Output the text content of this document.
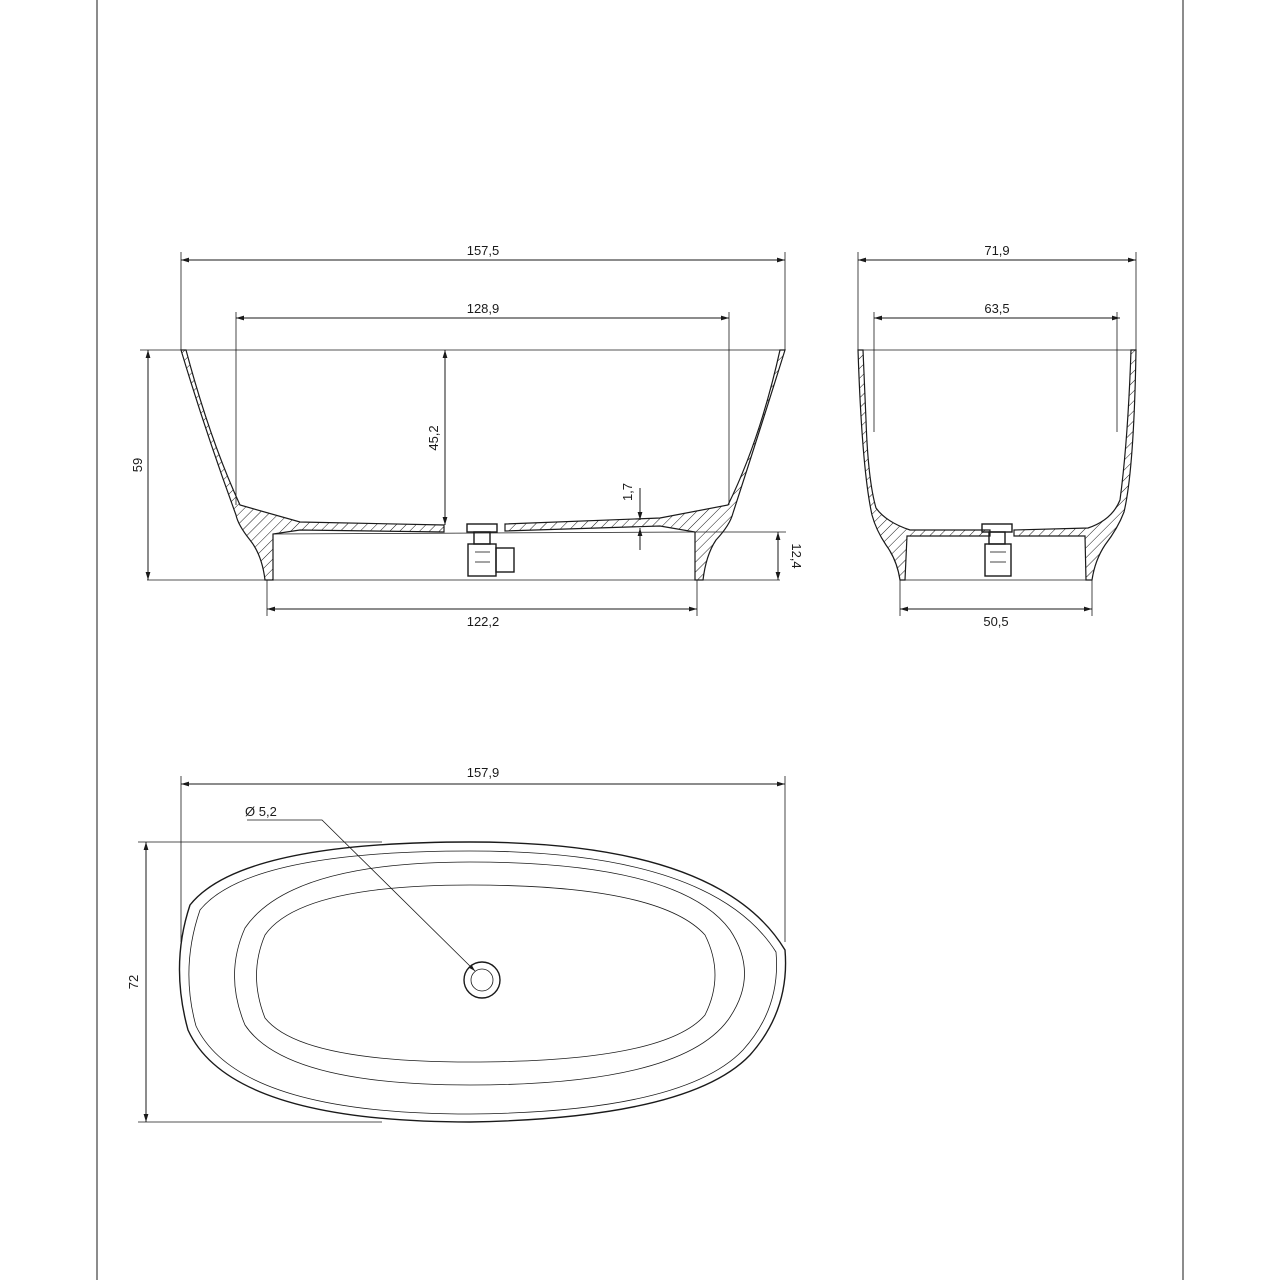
157,5
128,9
59
45,2
1,7
12,4
122,2
71,9
63,5
50,5
Ø 5,2
157,9
72
